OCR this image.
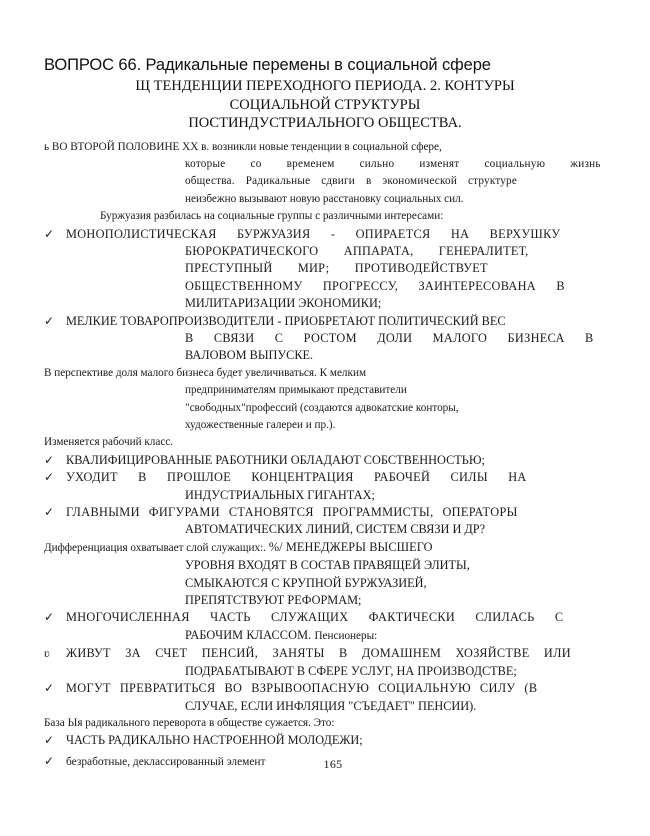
ВОПРОС 66. Радикальные перемены в социальной сфере
Щ ТЕНДЕНЦИИ ПЕРЕХОДНОГО ПЕРИОДА. 2. КОНТУРЫ
СОЦИАЛЬНОЙ СТРУКТУРЫ
ПОСТИНДУСТРИАЛЬНОГО ОБЩЕСТВА.
ь ВО ВТОРОЙ ПОЛОВИНЕ XX в. возникли новые тенденции в социальной сфере,
которые со временем сильно изменят социальную жизнь
общества. Радикальные сдвиги в экономической структуре
неизбежно вызывают новую расстановку социальных сил.
Буржуазия разбилась на социальные группы с различными интересами:
✓ МОНОПОЛИСТИЧЕСКАЯ БУРЖУАЗИЯ - ОПИРАЕТСЯ НА ВЕРХУШКУ
БЮРОКРАТИЧЕСКОГО АППАРАТА, ГЕНЕРАЛИТЕТ,
ПРЕСТУПНЫЙ МИР; ПРОТИВОДЕЙСТВУЕТ
ОБЩЕСТВЕННОМУ ПРОГРЕССУ, ЗАИНТЕРЕСОВАНА В
МИЛИТАРИЗАЦИИ ЭКОНОМИКИ;
✓ МЕЛКИЕ ТОВАРОПРОИЗВОДИТЕЛИ - ПРИОБРЕТАЮТ ПОЛИТИЧЕСКИЙ ВЕС
В СВЯЗИ С РОСТОМ ДОЛИ МАЛОГО БИЗНЕСА В
ВАЛОВОМ ВЫПУСКЕ.
В перспективе доля малого бизнеса будет увеличиваться. К мелким
предпринимателям примыкают представители
"свободных"профессий (создаются адвокатские конторы,
художественные галереи и пр.).
Изменяется рабочий класс.
✓ КВАЛИФИЦИРОВАННЫЕ РАБОТНИКИ ОБЛАДАЮТ СОБСТВЕННОСТЬЮ;
✓ УХОДИТ В ПРОШЛОЕ КОНЦЕНТРАЦИЯ РАБОЧЕЙ СИЛЫ НА
ИНДУСТРИАЛЬНЫХ ГИГАНТАХ;
✓ ГЛАВНЫМИ ФИГУРАМИ СТАНОВЯТСЯ ПРОГРАММИСТЫ, ОПЕРАТОРЫ
АВТОМАТИЧЕСКИХ ЛИНИЙ, СИСТЕМ СВЯЗИ И ДР?
Дифференциация охватывает слой служащих:. %/ МЕНЕДЖЕРЫ ВЫСШЕГО
УРОВНЯ ВХОДЯТ В СОСТАВ ПРАВЯЩЕЙ ЭЛИТЫ,
СМЫКАЮТСЯ С КРУПНОЙ БУРЖУАЗИЕЙ,
ПРЕПЯТСТВУЮТ РЕФОРМАМ;
✓ МНОГОЧИСЛЕННАЯ ЧАСТЬ СЛУЖАЩИХ ФАКТИЧЕСКИ СЛИЛАСЬ С
РАБОЧИМ КЛАССОМ. Пенсионеры:
ʋ ЖИВУТ ЗА СЧЕТ ПЕНСИЙ, ЗАНЯТЫ В ДОМАШНЕМ ХОЗЯЙСТВЕ ИЛИ
ПОДРАБАТЫВАЮТ В СФЕРЕ УСЛУГ, НА ПРОИЗВОДСТВЕ;
✓ МОГУТ ПРЕВРАТИТЬСЯ ВО ВЗРЫВООПАСНУЮ СОЦИАЛЬНУЮ СИЛУ (В
СЛУЧАЕ, ЕСЛИ ИНФЛЯЦИЯ "СЪЕДАЕТ" ПЕНСИИ).
База Ыя радикального переворота в обществе сужается. Это:
✓ ЧАСТЬ РАДИКАЛЬНО НАСТРОЕННОЙ МОЛОДЕЖИ;
✓ безработные, деклассированный элемент	165
